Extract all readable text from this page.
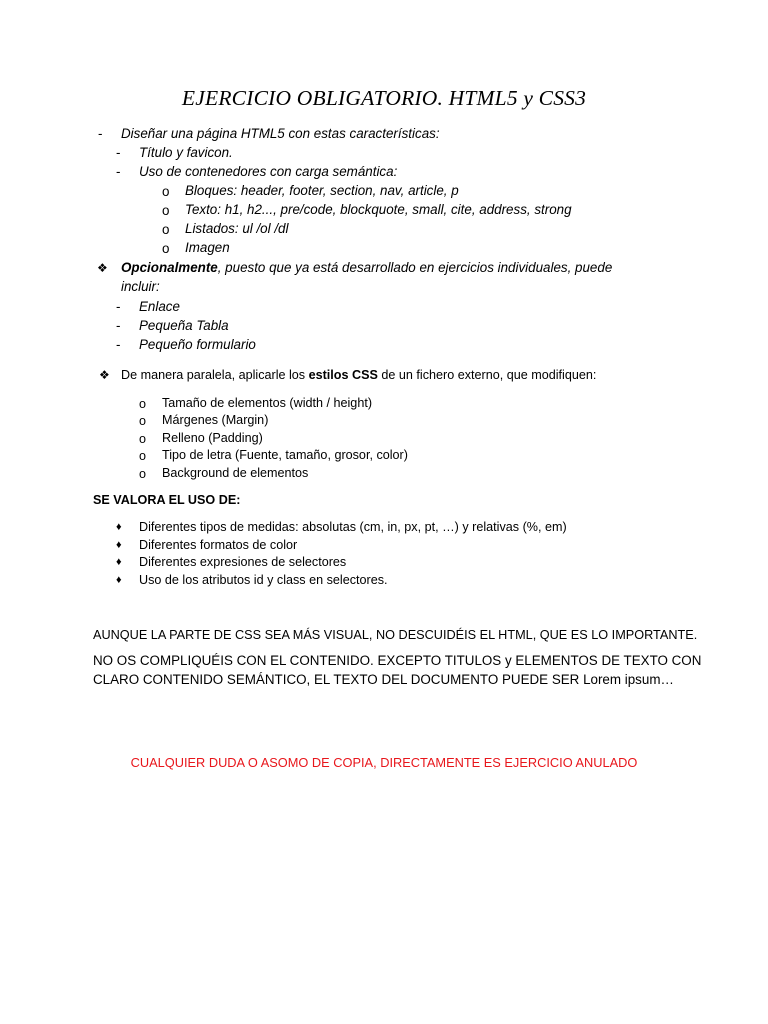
EJERCICIO OBLIGATORIO. HTML5 y CSS3
- Diseñar una página HTML5 con estas características:
- Título y favicon.
- Uso de contenedores con carga semántica:
o Bloques: header, footer, section, nav, article, p
o Texto: h1, h2..., pre/code, blockquote, small, cite, address, strong
o Listados: ul /ol /dl
o Imagen
❖ Opcionalmente, puesto que ya está desarrollado en ejercicios individuales, puede
incluir:
- Enlace
- Pequeña Tabla
- Pequeño formulario
❖ De manera paralela, aplicarle los estilos CSS de un fichero externo, que modifiquen:
o Tamaño de elementos (width / height)
o Márgenes (Margin)
o Relleno (Padding)
o Tipo de letra (Fuente, tamaño, grosor, color)
o Background de elementos
SE VALORA EL USO DE:
♦ Diferentes tipos de medidas: absolutas (cm, in, px, pt, …) y relativas (%, em)
♦ Diferentes formatos de color
♦ Diferentes expresiones de selectores
♦ Uso de los atributos id y class en selectores.
AUNQUE LA PARTE DE CSS SEA MÁS VISUAL, NO DESCUIDÉIS EL HTML, QUE ES LO IMPORTANTE.
NO OS COMPLIQUÉIS CON EL CONTENIDO. EXCEPTO TITULOS y ELEMENTOS DE TEXTO CON
CLARO CONTENIDO SEMÁNTICO, EL TEXTO DEL DOCUMENTO PUEDE SER Lorem ipsum…
CUALQUIER DUDA O ASOMO DE COPIA, DIRECTAMENTE ES EJERCICIO ANULADO
